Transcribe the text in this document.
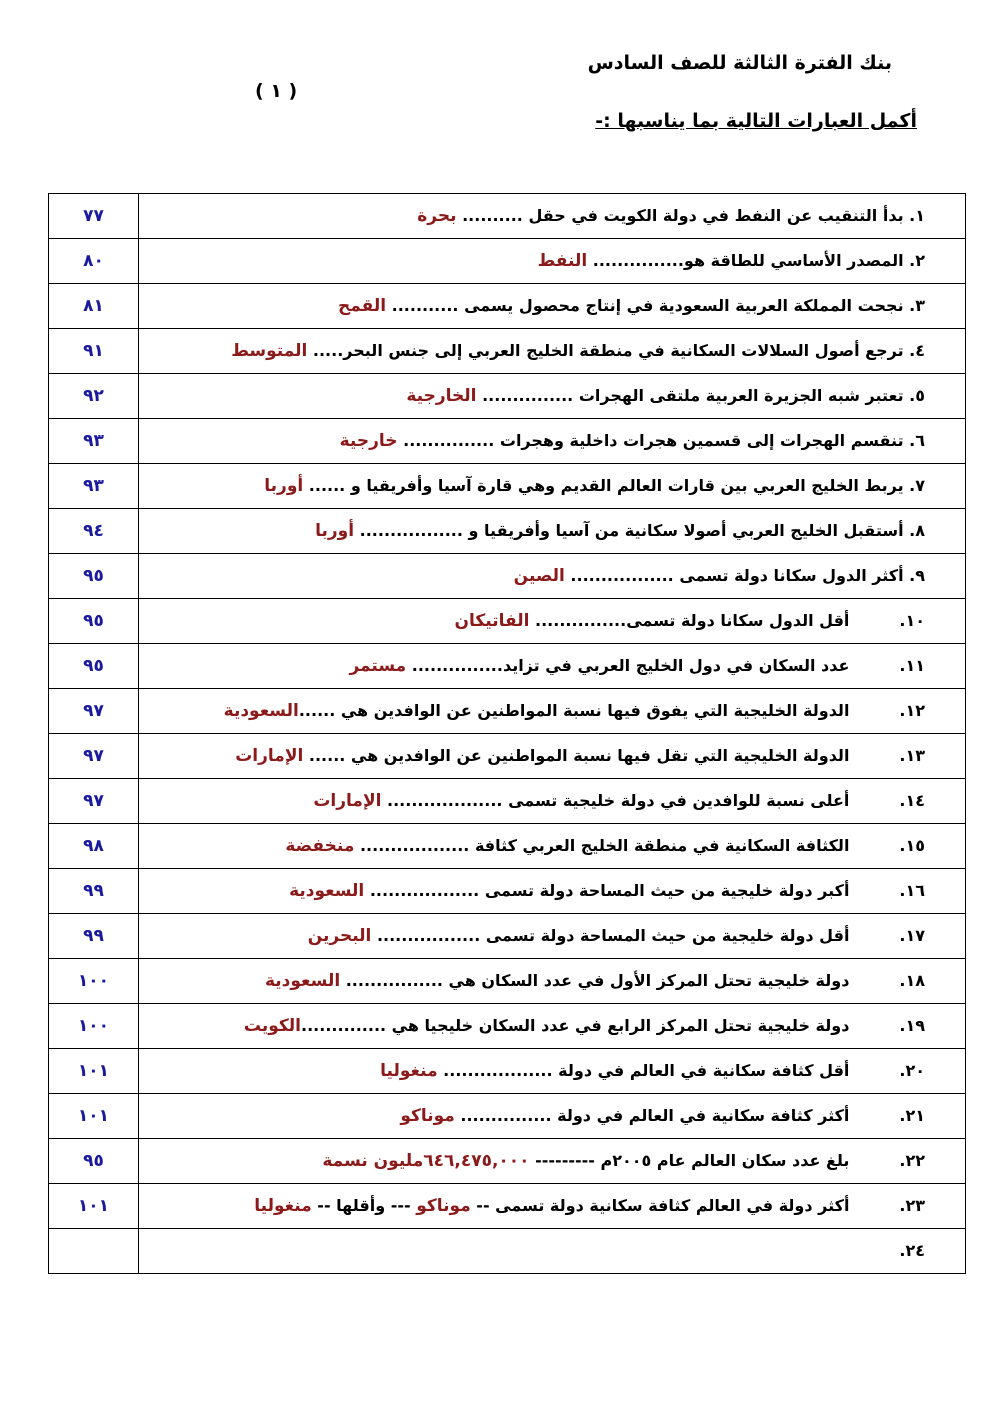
بنك الفترة الثالثة للصف السادس
( ١ )
أكمل العبارات التالية بما يناسبها :-
٧٧	١. بدأ التنقيب عن النفط في دولة الكويت في حقل .......... بحرة
٨٠	٢. المصدر الأساسي للطاقة هو............... النفط
٨١	٣. نجحت المملكة العربية السعودية في إنتاج محصول يسمى ........... القمح
٩١	٤. ترجع أصول السلالات السكانية في منطقة الخليج العربي إلى جنس البحر..... المتوسط
٩٢	٥. تعتبر شبه الجزيرة العربية ملتقى الهجرات ............... الخارجية
٩٣	٦. تنقسم الهجرات إلى قسمين هجرات داخلية وهجرات ............... خارجية
٩٣	٧. يربط الخليج العربي بين قارات العالم القديم وهي قارة آسيا وأفريقيا و ...... أوربا
٩٤	٨. أستقبل الخليج العربي أصولا سكانية من آسيا وأفريقيا و ................. أوربا
٩٥	٩. أكثر الدول سكانا دولة تسمى ................. الصين
٩٥	١٠. أقل الدول سكانا دولة تسمى............... الفاتيكان
٩٥	١١. عدد السكان في دول الخليج العربي في تزايد............... مستمر
٩٧	١٢. الدولة الخليجية التي يفوق فيها نسبة المواطنين عن الوافدين هي ......السعودية
٩٧	١٣. الدولة الخليجية التي تقل فيها نسبة المواطنين عن الوافدين هي ...... الإمارات
٩٧	١٤. أعلى نسبة للوافدين في دولة خليجية تسمى ................... الإمارات
٩٨	١٥. الكثافة السكانية في منطقة الخليج العربي كثافة .................. منخفضة
٩٩	١٦. أكبر دولة خليجية من حيث المساحة دولة تسمى .................. السعودية
٩٩	١٧. أقل دولة خليجية من حيث المساحة دولة تسمى ................. البحرين
١٠٠	١٨. دولة خليجية تحتل المركز الأول في عدد السكان هي ................ السعودية
١٠٠	١٩. دولة خليجية تحتل المركز الرابع في عدد السكان خليجيا هي ..............الكويت
١٠١	٢٠. أقل كثافة سكانية في العالم في دولة .................. منغوليا
١٠١	٢١. أكثر كثافة سكانية في العالم في دولة ............... موناكو
٩٥	٢٢. بلغ عدد سكان العالم عام ٢٠٠٥م --------- ٦٤٦,٤٧٥,٠٠٠مليون نسمة
١٠١	٢٣. أكثر دولة في العالم كثافة سكانية دولة تسمى -- موناكو --- وأقلها -- منغوليا
	٢٤.
